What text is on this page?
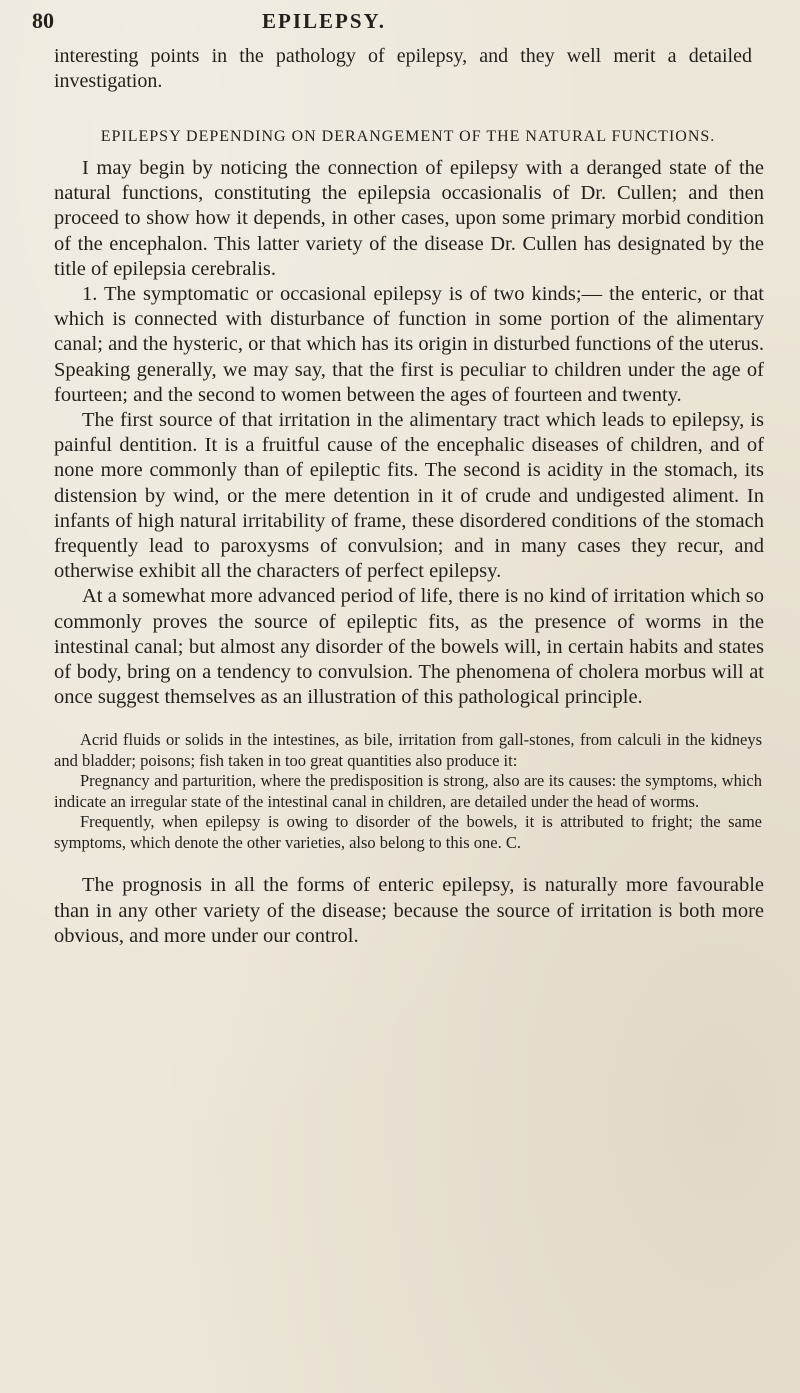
80	EPILEPSY.

interesting points in the pathology of epilepsy, and they well merit a detailed investigation.

EPILEPSY DEPENDING ON DERANGEMENT OF THE NATURAL FUNCTIONS.

I may begin by noticing the connection of epilepsy with a deranged state of the natural functions, constituting the epilepsia occasionalis of Dr. Cullen; and then proceed to show how it depends, in other cases, upon some primary morbid condition of the encephalon. This latter variety of the disease Dr. Cullen has designated by the title of epilepsia cerebralis.

1. The symptomatic or occasional epilepsy is of two kinds;— the enteric, or that which is connected with disturbance of function in some portion of the alimentary canal; and the hysteric, or that which has its origin in disturbed functions of the uterus. Speaking generally, we may say, that the first is peculiar to children under the age of fourteen; and the second to women between the ages of fourteen and twenty.

The first source of that irritation in the alimentary tract which leads to epilepsy, is painful dentition. It is a fruitful cause of the encephalic diseases of children, and of none more commonly than of epileptic fits. The second is acidity in the stomach, its distension by wind, or the mere detention in it of crude and undigested aliment. In infants of high natural irritability of frame, these disordered conditions of the stomach frequently lead to paroxysms of convulsion; and in many cases they recur, and otherwise exhibit all the characters of perfect epilepsy.

At a somewhat more advanced period of life, there is no kind of irritation which so commonly proves the source of epileptic fits, as the presence of worms in the intestinal canal; but almost any disorder of the bowels will, in certain habits and states of body, bring on a tendency to convulsion. The phenomena of cholera morbus will at once suggest themselves as an illustration of this pathological principle.

Acrid fluids or solids in the intestines, as bile, irritation from gall-stones, from calculi in the kidneys and bladder; poisons; fish taken in too great quantities also produce it:

Pregnancy and parturition, where the predisposition is strong, also are its causes: the symptoms, which indicate an irregular state of the intestinal canal in children, are detailed under the head of worms.

Frequently, when epilepsy is owing to disorder of the bowels, it is attributed to fright; the same symptoms, which denote the other varieties, also belong to this one. C.

The prognosis in all the forms of enteric epilepsy, is naturally more favourable than in any other variety of the disease; because the source of irritation is both more obvious, and more under our control.
